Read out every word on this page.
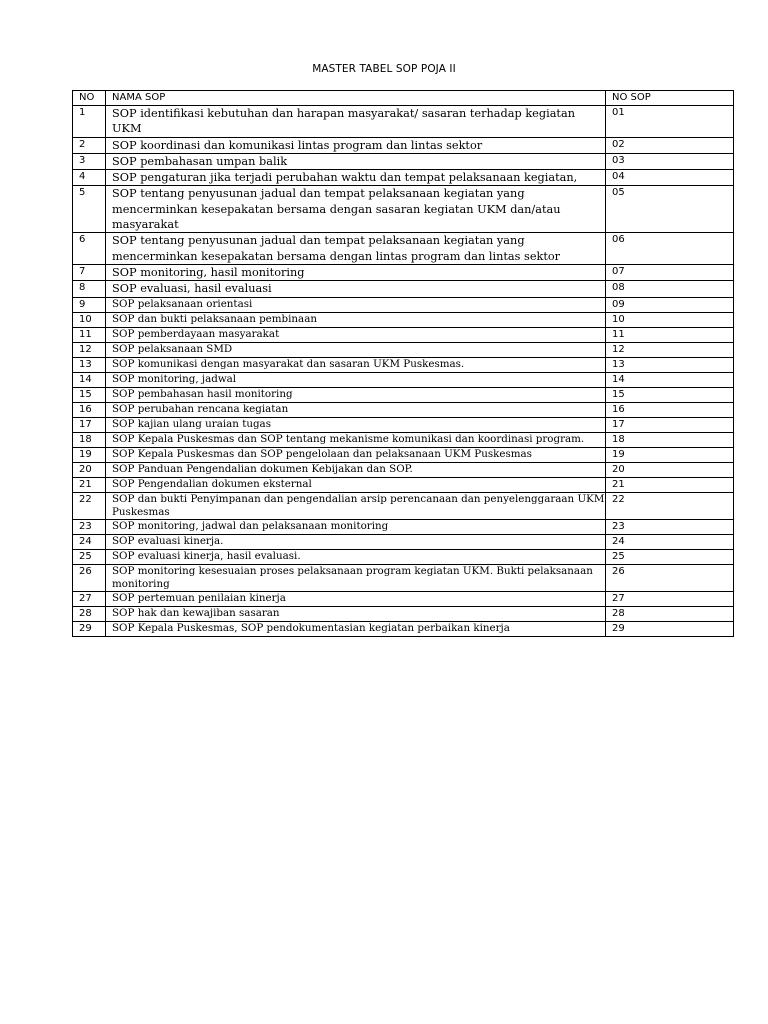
MASTER TABEL SOP POJA II
NO	NAMA SOP	NO SOP
1	SOP identifikasi kebutuhan dan harapan masyarakat/ sasaran terhadap kegiatan UKM	01
2	SOP koordinasi dan komunikasi lintas program dan lintas sektor	02
3	SOP pembahasan umpan balik	03
4	SOP pengaturan jika terjadi perubahan waktu dan tempat pelaksanaan kegiatan,	04
5	SOP tentang penyusunan jadual dan tempat pelaksanaan kegiatan yang mencerminkan kesepakatan bersama dengan sasaran kegiatan UKM dan/atau masyarakat	05
6	SOP tentang penyusunan jadual dan tempat pelaksanaan kegiatan yang mencerminkan kesepakatan bersama dengan lintas program dan lintas sektor	06
7	SOP monitoring, hasil monitoring	07
8	SOP evaluasi, hasil evaluasi	08
9	SOP pelaksanaan orientasi	09
10	SOP dan bukti pelaksanaan pembinaan	10
11	SOP pemberdayaan masyarakat	11
12	SOP pelaksanaan SMD	12
13	SOP komunikasi dengan masyarakat dan sasaran UKM Puskesmas.	13
14	SOP monitoring, jadwal	14
15	SOP pembahasan hasil monitoring	15
16	SOP perubahan rencana kegiatan	16
17	SOP kajian ulang uraian tugas	17
18	SOP Kepala Puskesmas dan SOP tentang mekanisme komunikasi dan koordinasi program.	18
19	SOP Kepala Puskesmas dan SOP pengelolaan dan pelaksanaan UKM Puskesmas	19
20	SOP Panduan Pengendalian dokumen Kebijakan dan SOP.	20
21	SOP Pengendalian dokumen eksternal	21
22	SOP dan bukti Penyimpanan dan pengendalian arsip perencanaan dan penyelenggaraan UKM Puskesmas	22
23	SOP monitoring, jadwal dan pelaksanaan monitoring	23
24	SOP evaluasi kinerja.	24
25	SOP evaluasi kinerja, hasil evaluasi.	25
26	SOP monitoring kesesuaian proses pelaksanaan program kegiatan UKM. Bukti pelaksanaan monitoring	26
27	SOP pertemuan penilaian kinerja	27
28	SOP hak dan kewajiban sasaran	28
29	SOP Kepala Puskesmas, SOP pendokumentasian kegiatan perbaikan kinerja	29
